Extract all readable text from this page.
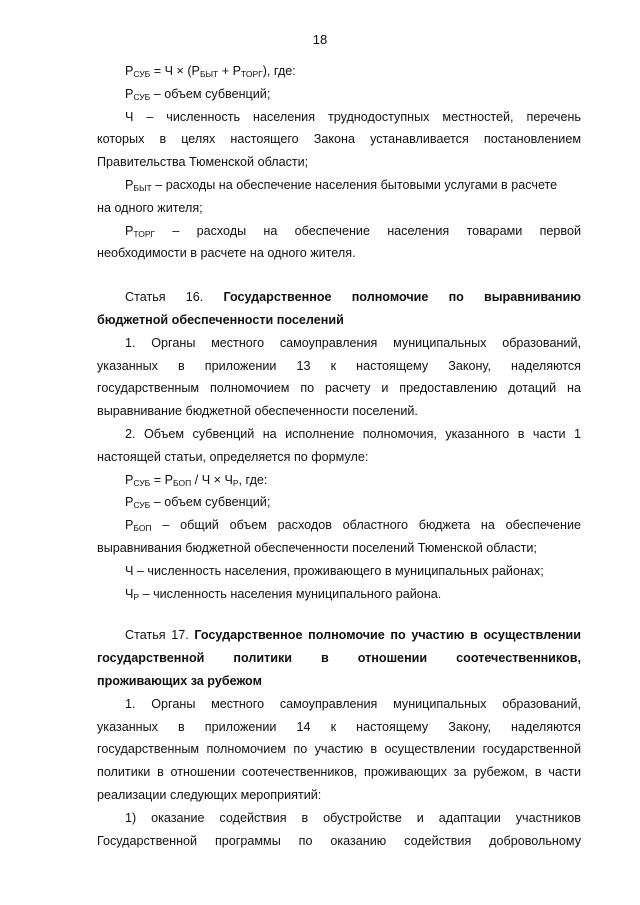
18

$Р_{СУБ} = Ч \times (Р_{БЫТ} + Р_{ТОРГ})$, где:

$Р_{СУБ}$ – объем субвенций;

Ч – численность населения труднодоступных местностей, перечень

которых в целях настоящего Закона устанавливается постановлением

Правительства Тюменской области;

$Р_{БЫТ}$ – расходы на обеспечение населения бытовыми услугами в расчете

на одного жителя;

$Р_{ТОРГ}$ – расходы на обеспечение населения товарами первой

необходимости в расчете на одного жителя.

Статья 16. Государственное полномочие по выравниванию

бюджетной обеспеченности поселений

1. Органы местного самоуправления муниципальных образований,

указанных в приложении 13 к настоящему Закону, наделяются

государственным полномочием по расчету и предоставлению дотаций на

выравнивание бюджетной обеспеченности поселений.

2. Объем субвенций на исполнение полномочия, указанного в части 1

настоящей статьи, определяется по формуле:

$Р_{СУБ} = Р_{БОП} / Ч \times Ч_Р$, где:

$Р_{СУБ}$ – объем субвенций;

$Р_{БОП}$ – общий объем расходов областного бюджета на обеспечение

выравнивания бюджетной обеспеченности поселений Тюменской области;

Ч – численность населения, проживающего в муниципальных районах;

$Ч_Р$ – численность населения муниципального района.

Статья 17. Государственное полномочие по участию в осуществлении

государственной политики в отношении соотечественников,

проживающих за рубежом

1. Органы местного самоуправления муниципальных образований,

указанных в приложении 14 к настоящему Закону, наделяются

государственным полномочием по участию в осуществлении государственной

политики в отношении соотечественников, проживающих за рубежом, в части

реализации следующих мероприятий:

1) оказание содействия в обустройстве и адаптации участников

Государственной программы по оказанию содействия добровольному
